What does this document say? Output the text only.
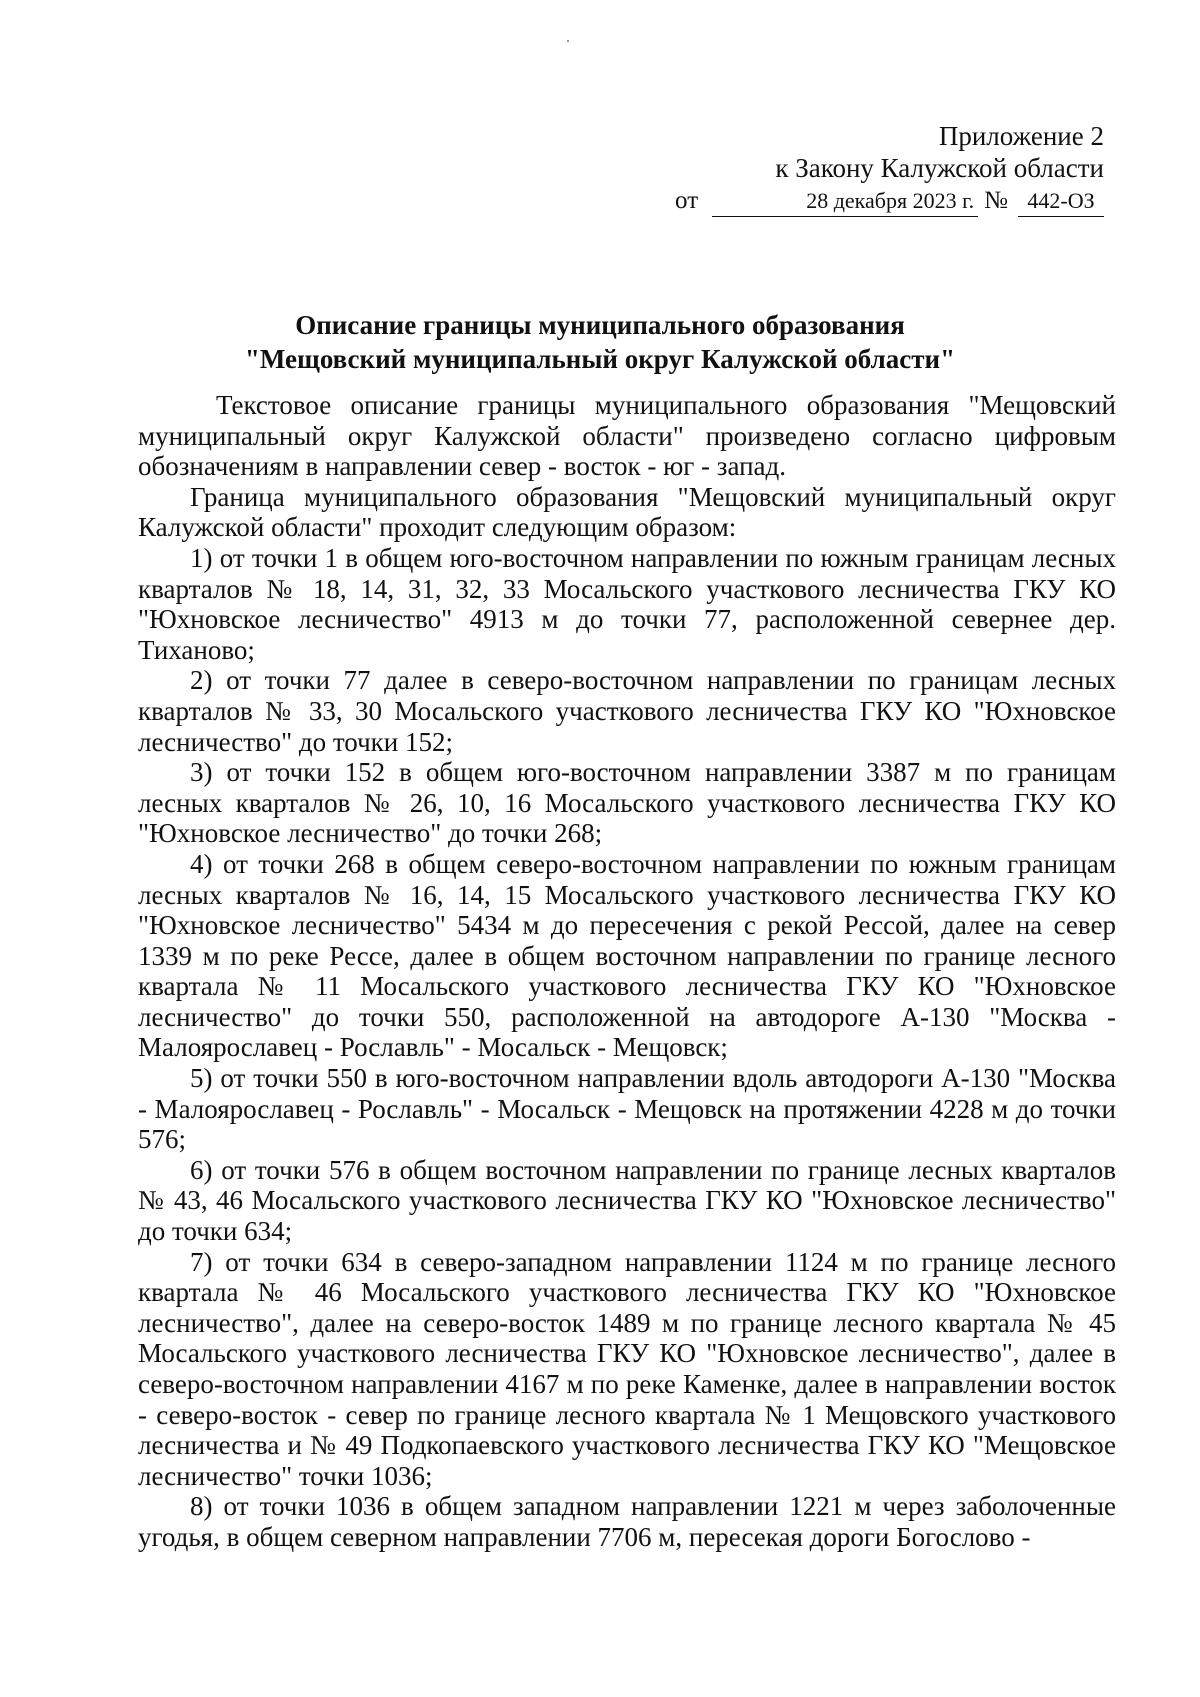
Приложение 2
к Закону Калужской области
от	28 декабря 2023 г. № 442-ОЗ
Описание границы муниципального образования
"Мещовский муниципальный округ Калужской области"

Текстовое описание границы муниципального образования "Мещовский муниципальный округ Калужской области" произведено согласно цифровым обозначениям в направлении север - восток - юг - запад.

Граница муниципального образования "Мещовский муниципальный округ Калужской области" проходит следующим образом:

1) от точки 1 в общем юго-восточном направлении по южным границам лесных кварталов № 18, 14, 31, 32, 33 Мосальского участкового лесничества ГКУ КО "Юхновское лесничество" 4913 м до точки 77, расположенной севернее дер. Тиханово;

2) от точки 77 далее в северо-восточном направлении по границам лесных кварталов № 33, 30 Мосальского участкового лесничества ГКУ КО "Юхновское лесничество" до точки 152;

3) от точки 152 в общем юго-восточном направлении 3387 м по границам лесных кварталов № 26, 10, 16 Мосальского участкового лесничества ГКУ КО "Юхновское лесничество" до точки 268;

4) от точки 268 в общем северо-восточном направлении по южным границам лесных кварталов № 16, 14, 15 Мосальского участкового лесничества ГКУ КО "Юхновское лесничество" 5434 м до пересечения с рекой Рессой, далее на север 1339 м по реке Рессе, далее в общем восточном направлении по границе лесного квартала № 11 Мосальского участкового лесничества ГКУ КО "Юхновское лесничество" до точки 550, расположенной на автодороге А-130 "Москва - Малоярославец - Рославль" - Мосальск - Мещовск;

5) от точки 550 в юго-восточном направлении вдоль автодороги А-130 "Москва - Малоярославец - Рославль" - Мосальск - Мещовск на протяжении 4228 м до точки 576;

6) от точки 576 в общем восточном направлении по границе лесных кварталов № 43, 46 Мосальского участкового лесничества ГКУ КО "Юхновское лесничество" до точки 634;

7) от точки 634 в северо-западном направлении 1124 м по границе лесного квартала № 46 Мосальского участкового лесничества ГКУ КО "Юхновское лесничество", далее на северо-восток 1489 м по границе лесного квартала № 45 Мосальского участкового лесничества ГКУ КО "Юхновское лесничество", далее в северо-восточном направлении 4167 м по реке Каменке, далее в направлении восток - северо-восток - север по границе лесного квартала № 1 Мещовского участкового лесничества и № 49 Подкопаевского участкового лесничества ГКУ КО "Мещовское лесничество" точки 1036;

8) от точки 1036 в общем западном направлении 1221 м через заболоченные угодья, в общем северном направлении 7706 м, пересекая дороги Богослово -
